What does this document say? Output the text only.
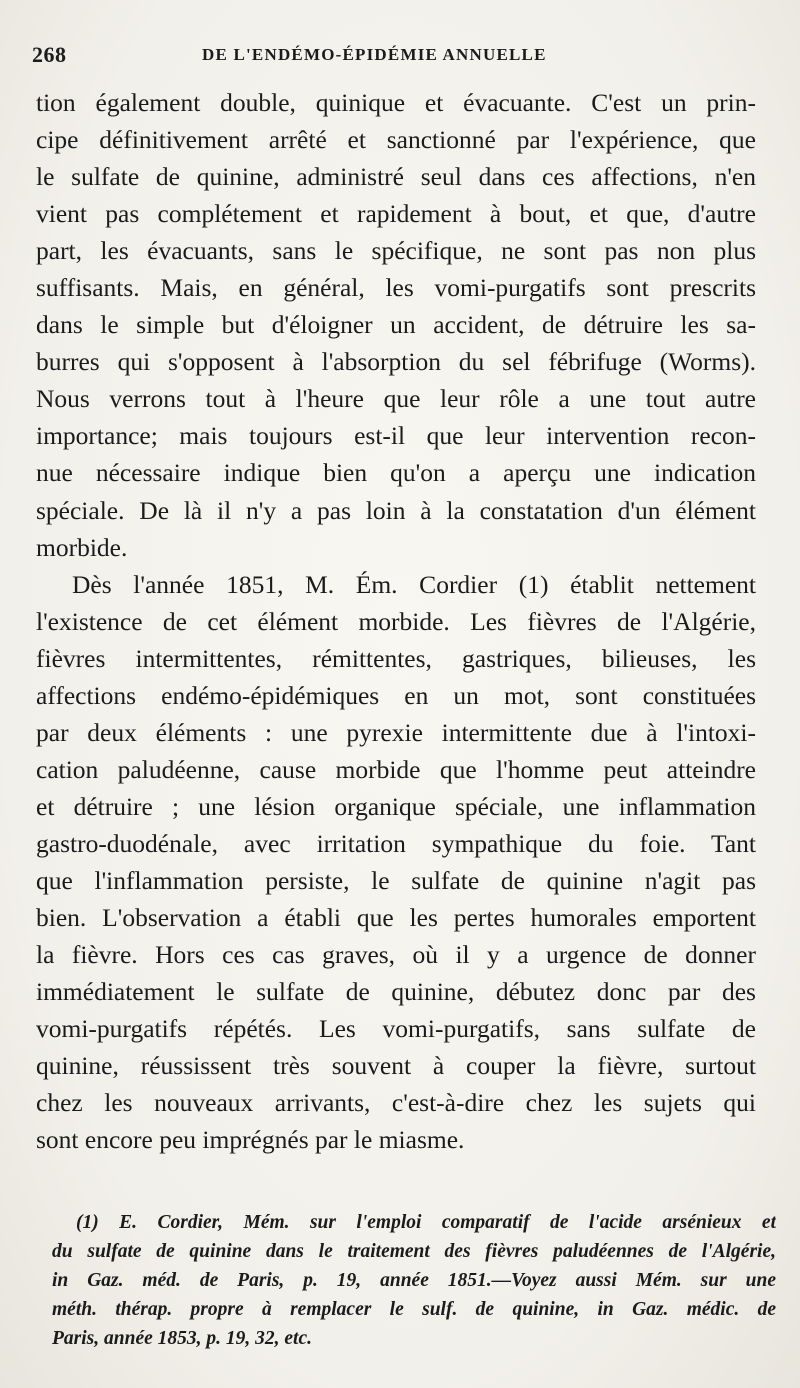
268	DE L'ENDÉMO-ÉPIDÉMIE ANNUELLE
tion également double, quinique et évacuante. C'est un prin-
cipe définitivement arrêté et sanctionné par l'expérience, que
le sulfate de quinine, administré seul dans ces affections, n'en
vient pas complétement et rapidement à bout, et que, d'autre
part, les évacuants, sans le spécifique, ne sont pas non plus
suffisants. Mais, en général, les vomi-purgatifs sont prescrits
dans le simple but d'éloigner un accident, de détruire les sa-
burres qui s'opposent à l'absorption du sel fébrifuge (Worms).
Nous verrons tout à l'heure que leur rôle a une tout autre
importance; mais toujours est-il que leur intervention recon-
nue nécessaire indique bien qu'on a aperçu une indication
spéciale. De là il n'y a pas loin à la constatation d'un élément
morbide.
Dès l'année 1851, M. Ém. Cordier (1) établit nettement
l'existence de cet élément morbide. Les fièvres de l'Algérie,
fièvres intermittentes, rémittentes, gastriques, bilieuses, les
affections endémo-épidémiques en un mot, sont constituées
par deux éléments : une pyrexie intermittente due à l'intoxi-
cation paludéenne, cause morbide que l'homme peut atteindre
et détruire ; une lésion organique spéciale, une inflammation
gastro-duodénale, avec irritation sympathique du foie. Tant
que l'inflammation persiste, le sulfate de quinine n'agit pas
bien. L'observation a établi que les pertes humorales emportent
la fièvre. Hors ces cas graves, où il y a urgence de donner
immédiatement le sulfate de quinine, débutez donc par des
vomi-purgatifs répétés. Les vomi-purgatifs, sans sulfate de
quinine, réussissent très souvent à couper la fièvre, surtout
chez les nouveaux arrivants, c'est-à-dire chez les sujets qui
sont encore peu imprégnés par le miasme.
(1) E. Cordier, Mém. sur l'emploi comparatif de l'acide arsénieux et
du sulfate de quinine dans le traitement des fièvres paludéennes de l'Algérie,
in Gaz. méd. de Paris, p. 19, année 1851.—Voyez aussi Mém. sur une
méth. thérap. propre à remplacer le sulf. de quinine, in Gaz. médic. de
Paris, année 1853, p. 19, 32, etc.
